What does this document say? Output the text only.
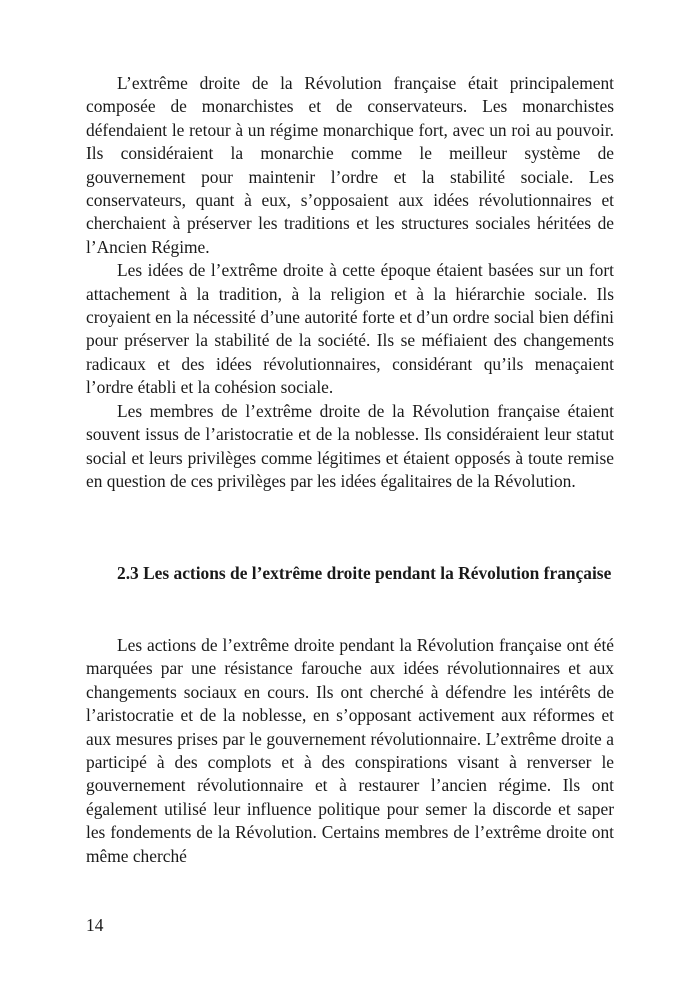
L’extrême droite de la Révolution française était principalement composée de monarchistes et de conservateurs. Les monarchistes défendaient le retour à un régime monarchique fort, avec un roi au pouvoir. Ils considéraient la monarchie comme le meilleur système de gouvernement pour maintenir l’ordre et la stabilité sociale. Les conservateurs, quant à eux, s’opposaient aux idées révolutionnaires et cherchaient à préserver les traditions et les structures sociales héritées de l’Ancien Régime.

Les idées de l’extrême droite à cette époque étaient basées sur un fort attachement à la tradition, à la religion et à la hiérarchie sociale. Ils croyaient en la nécessité d’une autorité forte et d’un ordre social bien défini pour préserver la stabilité de la société. Ils se méfiaient des changements radicaux et des idées révolutionnaires, considérant qu’ils menaçaient l’ordre établi et la cohésion sociale.

Les membres de l’extrême droite de la Révolution française étaient souvent issus de l’aristocratie et de la noblesse. Ils considéraient leur statut social et leurs privilèges comme légitimes et étaient opposés à toute remise en question de ces privilèges par les idées égalitaires de la Révolution.

2.3 Les actions de l’extrême droite pendant la Révolution française

Les actions de l’extrême droite pendant la Révolution française ont été marquées par une résistance farouche aux idées révolutionnaires et aux changements sociaux en cours. Ils ont cherché à défendre les intérêts de l’aristocratie et de la noblesse, en s’opposant activement aux réformes et aux mesures prises par le gouvernement révolutionnaire. L’extrême droite a participé à des complots et à des conspirations visant à renverser le gouvernement révolutionnaire et à restaurer l’ancien régime. Ils ont également utilisé leur influence politique pour semer la discorde et saper les fondements de la Révolution. Certains membres de l’extrême droite ont même cherché

14
